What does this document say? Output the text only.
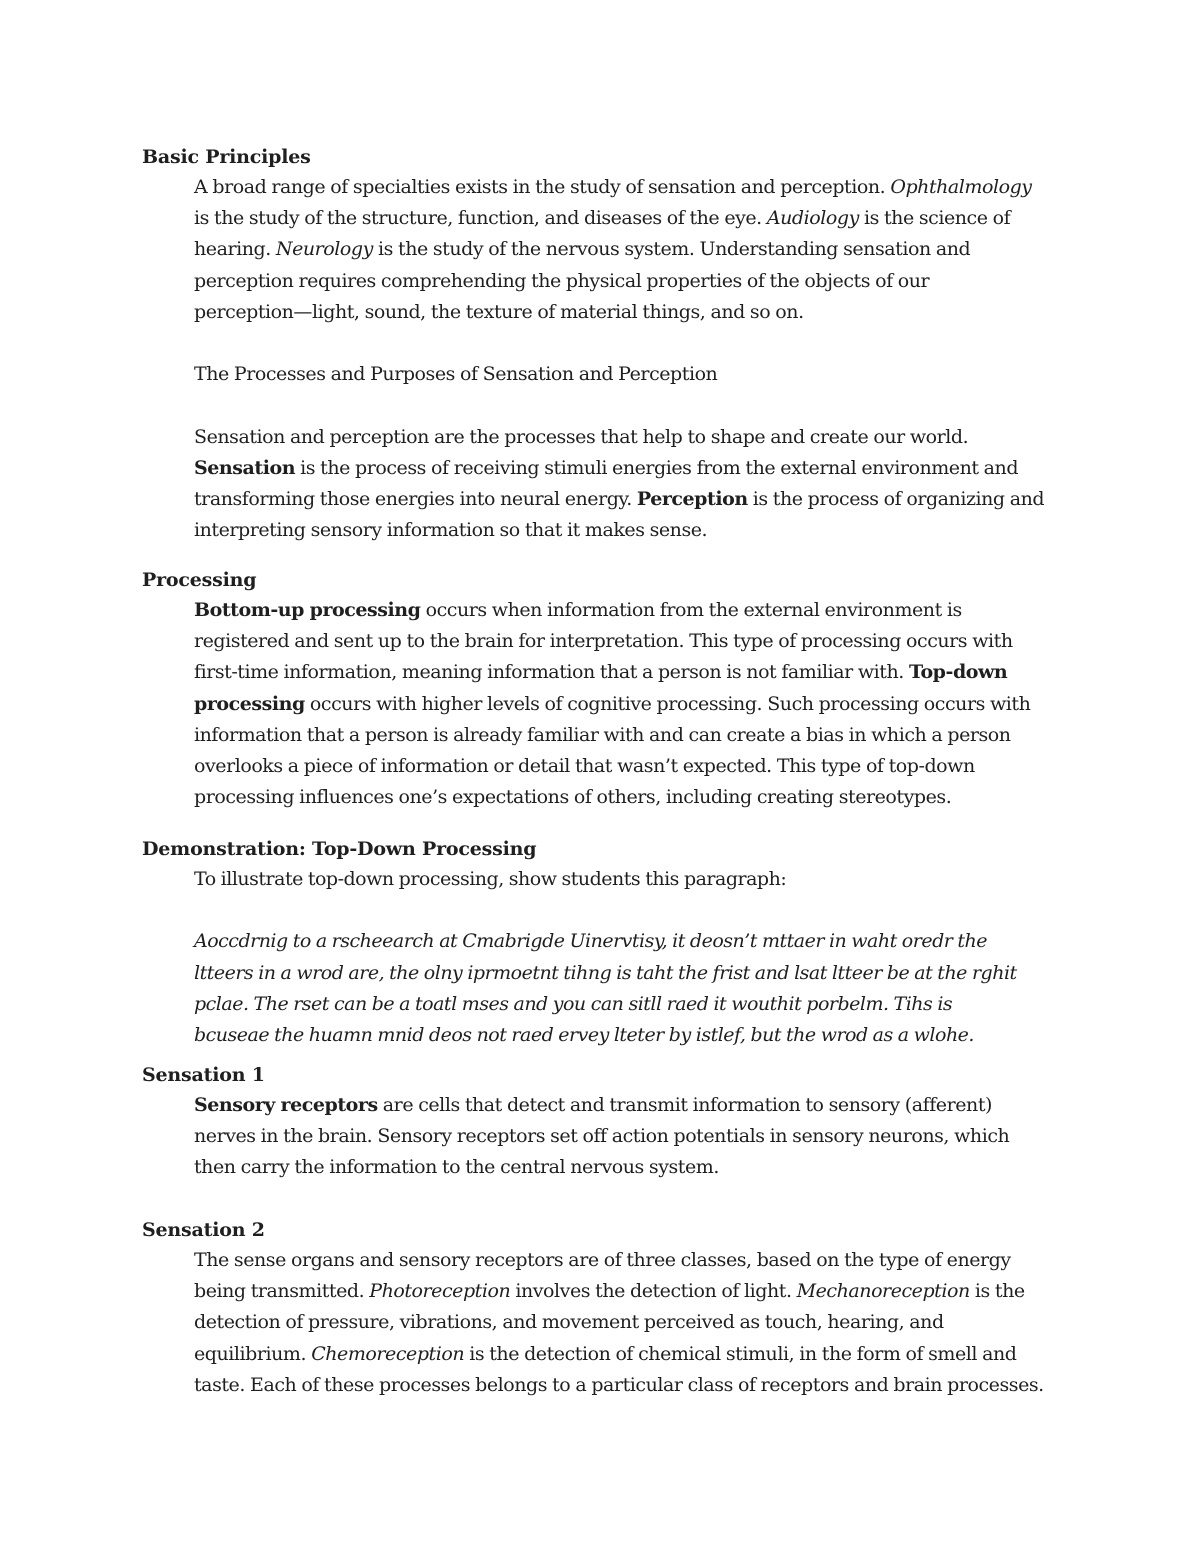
Basic Principles
A broad range of specialties exists in the study of sensation and perception. Ophthalmology
is the study of the structure, function, and diseases of the eye. Audiology is the science of
hearing. Neurology is the study of the nervous system. Understanding sensation and
perception requires comprehending the physical properties of the objects of our
perception—light, sound, the texture of material things, and so on.

The Processes and Purposes of Sensation and Perception

Sensation and perception are the processes that help to shape and create our world.
Sensation is the process of receiving stimuli energies from the external environment and
transforming those energies into neural energy. Perception is the process of organizing and
interpreting sensory information so that it makes sense.
Processing
Bottom-up processing occurs when information from the external environment is
registered and sent up to the brain for interpretation. This type of processing occurs with
first-time information, meaning information that a person is not familiar with. Top-down
processing occurs with higher levels of cognitive processing. Such processing occurs with
information that a person is already familiar with and can create a bias in which a person
overlooks a piece of information or detail that wasn’t expected. This type of top-down
processing influences one’s expectations of others, including creating stereotypes.
Demonstration: Top-Down Processing
To illustrate top-down processing, show students this paragraph:

Aoccdrnig to a rscheearch at Cmabrigde Uinervtisy, it deosn’t mttaer in waht oredr the
ltteers in a wrod are, the olny iprmoetnt tihng is taht the frist and lsat ltteer be at the rghit
pclae. The rset can be a toatl mses and you can sitll raed it wouthit porbelm. Tihs is
bcuseae the huamn mnid deos not raed ervey lteter by istlef, but the wrod as a wlohe.
Sensation 1
Sensory receptors are cells that detect and transmit information to sensory (afferent)
nerves in the brain. Sensory receptors set off action potentials in sensory neurons, which
then carry the information to the central nervous system.
Sensation 2
The sense organs and sensory receptors are of three classes, based on the type of energy
being transmitted. Photoreception involves the detection of light. Mechanoreception is the
detection of pressure, vibrations, and movement perceived as touch, hearing, and
equilibrium. Chemoreception is the detection of chemical stimuli, in the form of smell and
taste. Each of these processes belongs to a particular class of receptors and brain processes.
